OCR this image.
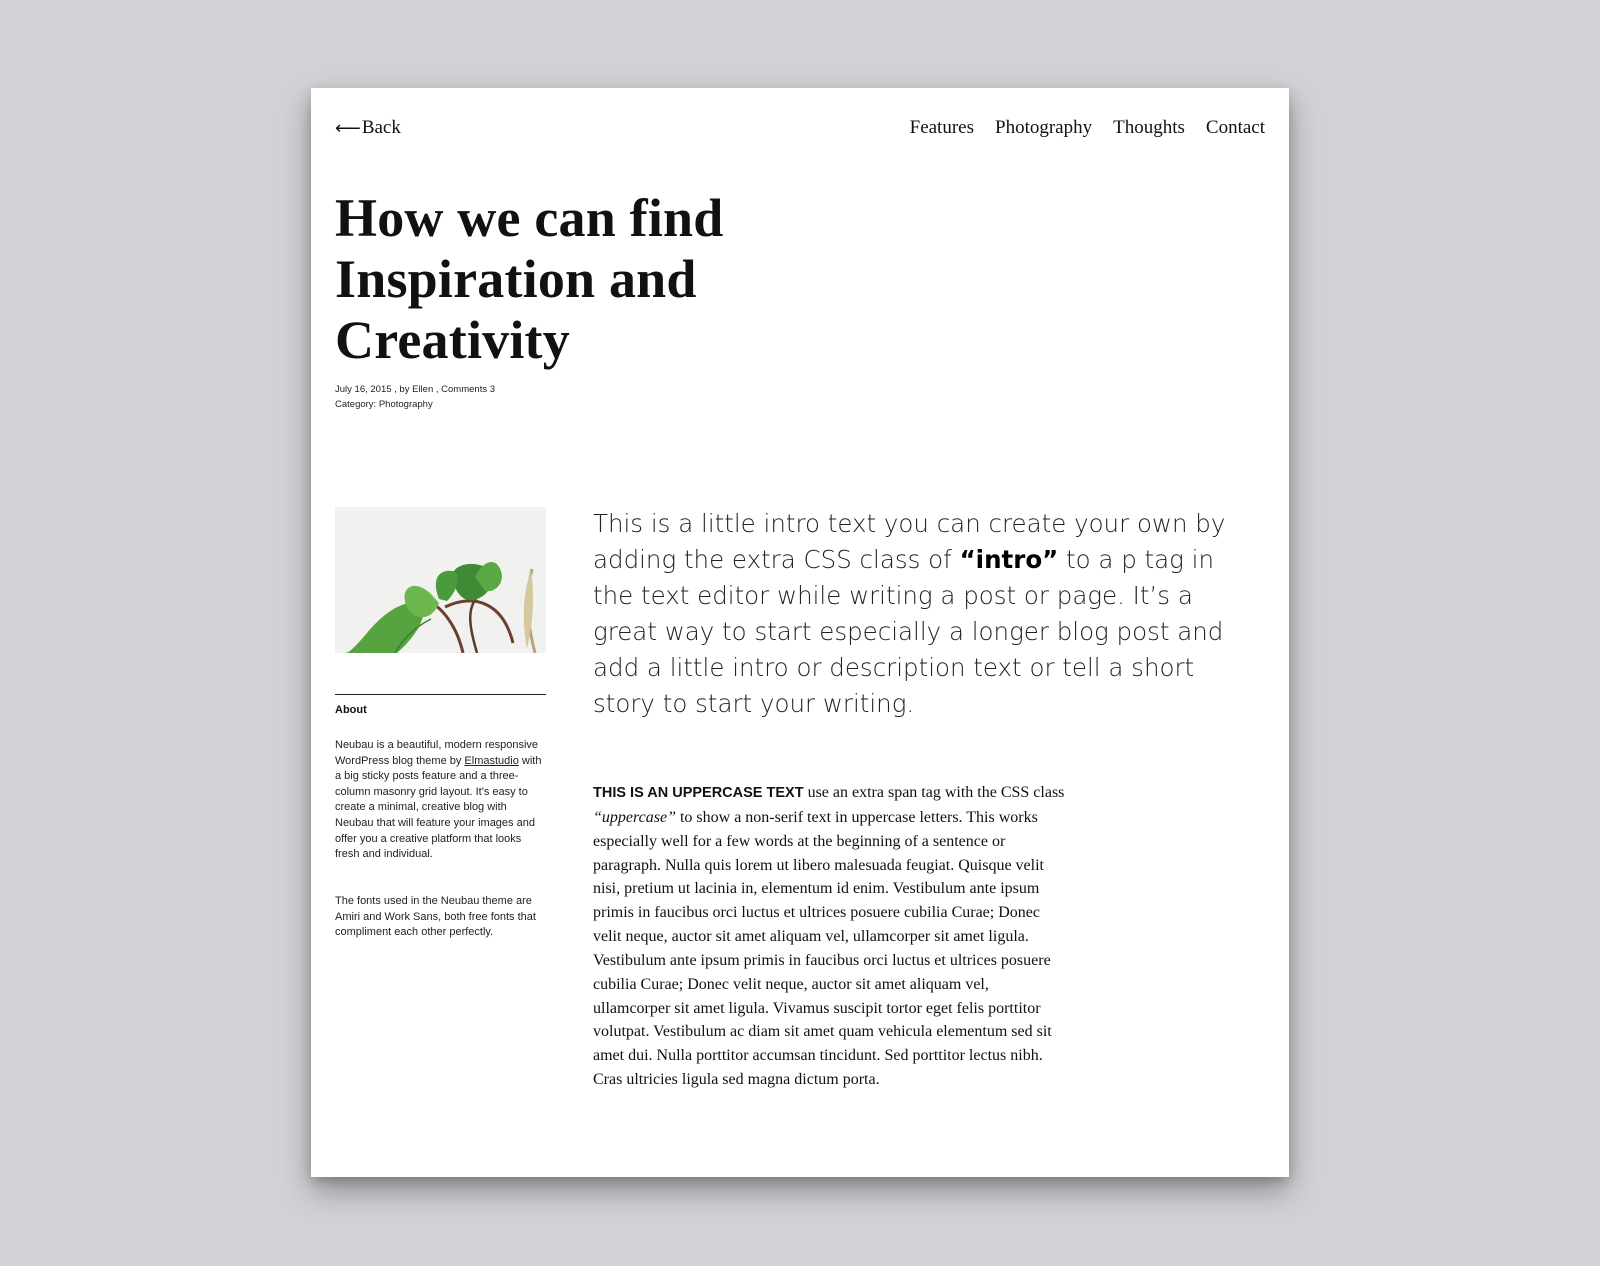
⟵ Back	Features Photography Thoughts Contact
How we can find Inspiration and Creativity
July 16, 2015 , by Ellen , Comments 3
Category: Photography
About

Neubau is a beautiful, modern responsive WordPress blog theme by Elmastudio with a big sticky posts feature and a three-column masonry grid layout. It's easy to create a minimal, creative blog with Neubau that will feature your images and offer you a creative platform that looks fresh and individual.

The fonts used in the Neubau theme are Amiri and Work Sans, both free fonts that compliment each other perfectly.

This is a little intro text you can create your own by adding the extra CSS class of “intro” to a p tag in the text editor while writing a post or page. It’s a great way to start especially a longer blog post and add a little intro or description text or tell a short story to start your writing.

THIS IS AN UPPERCASE TEXT use an extra span tag with the CSS class “uppercase” to show a non-serif text in uppercase letters. This works especially well for a few words at the beginning of a sentence or paragraph. Nulla quis lorem ut libero malesuada feugiat. Quisque velit nisi, pretium ut lacinia in, elementum id enim. Vestibulum ante ipsum primis in faucibus orci luctus et ultrices posuere cubilia Curae; Donec velit neque, auctor sit amet aliquam vel, ullamcorper sit amet ligula. Vestibulum ante ipsum primis in faucibus orci luctus et ultrices posuere cubilia Curae; Donec velit neque, auctor sit amet aliquam vel, ullamcorper sit amet ligula. Vivamus suscipit tortor eget felis porttitor volutpat. Vestibulum ac diam sit amet quam vehicula elementum sed sit amet dui. Nulla porttitor accumsan tincidunt. Sed porttitor lectus nibh. Cras ultricies ligula sed magna dictum porta.
